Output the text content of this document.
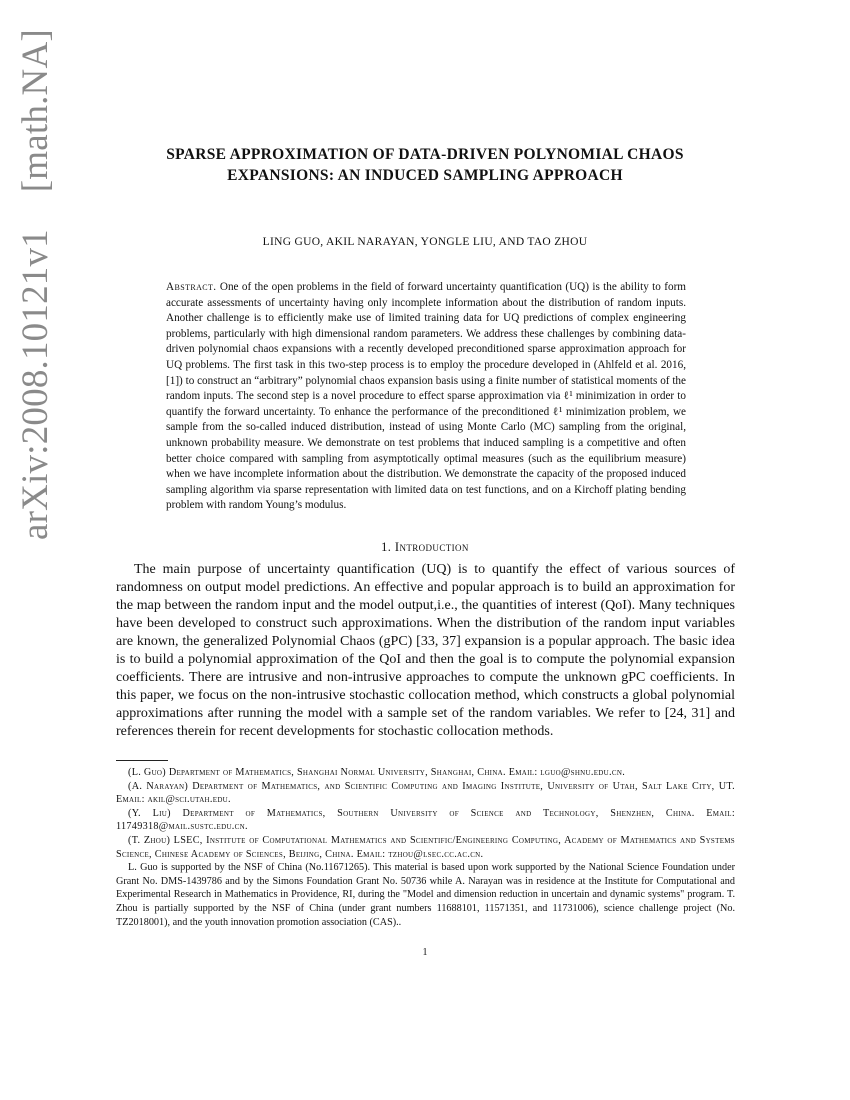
arXiv:2008.10121v1  [math.NA]	SPARSE APPROXIMATION OF DATA-DRIVEN POLYNOMIAL CHAOS
EXPANSIONS: AN INDUCED SAMPLING APPROACH
LING GUO, AKIL NARAYAN, YONGLE LIU, AND TAO ZHOU
Abstract. One of the open problems in the field of forward uncertainty quantification (UQ) is the ability to form accurate assessments of uncertainty having only incomplete information about the distribution of random inputs. Another challenge is to efficiently make use of limited training data for UQ predictions of complex engineering problems, particularly with high dimensional random parameters. We address these challenges by combining data-driven polynomial chaos expansions with a recently developed preconditioned sparse approximation approach for UQ problems. The first task in this two-step process is to employ the procedure developed in (Ahlfeld et al. 2016, [1]) to construct an “arbitrary” polynomial chaos expansion basis using a finite number of statistical moments of the random inputs. The second step is a novel procedure to effect sparse approximation via ℓ¹ minimization in order to quantify the forward uncertainty. To enhance the performance of the preconditioned ℓ¹ minimization problem, we sample from the so-called induced distribution, instead of using Monte Carlo (MC) sampling from the original, unknown probability measure. We demonstrate on test problems that induced sampling is a competitive and often better choice compared with sampling from asymptotically optimal measures (such as the equilibrium measure) when we have incomplete information about the distribution. We demonstrate the capacity of the proposed induced sampling algorithm via sparse representation with limited data on test functions, and on a Kirchoff plating bending problem with random Young’s modulus.
1. Introduction
The main purpose of uncertainty quantification (UQ) is to quantify the effect of various sources of randomness on output model predictions. An effective and popular approach is to build an approximation for the map between the random input and the model output,i.e., the quantities of interest (QoI). Many techniques have been developed to construct such approximations. When the distribution of the random input variables are known, the generalized Polynomial Chaos (gPC) [33, 37] expansion is a popular approach. The basic idea is to build a polynomial approximation of the QoI and then the goal is to compute the polynomial expansion coefficients. There are intrusive and non-intrusive approaches to compute the unknown gPC coefficients. In this paper, we focus on the non-intrusive stochastic collocation method, which constructs a global polynomial approximations after running the model with a sample set of the random variables. We refer to [24, 31] and references therein for recent developments for stochastic collocation methods.

(L. Guo) Department of Mathematics, Shanghai Normal University, Shanghai, China. Email: lguo@shnu.edu.cn.

(A. Narayan) Department of Mathematics, and Scientific Computing and Imaging Institute, University of Utah, Salt Lake City, UT. Email: akil@sci.utah.edu.

(Y. Liu) Department of Mathematics, Southern University of Science and Technology, Shenzhen, China. Email: 11749318@mail.sustc.edu.cn.

(T. Zhou) LSEC, Institute of Computational Mathematics and Scientific/Engineering Computing, Academy of Mathematics and Systems Science, Chinese Academy of Sciences, Beijing, China. Email: tzhou@lsec.cc.ac.cn.

L. Guo is supported by the NSF of China (No.11671265). This material is based upon work supported by the National Science Foundation under Grant No. DMS-1439786 and by the Simons Foundation Grant No. 50736 while A. Narayan was in residence at the Institute for Computational and Experimental Research in Mathematics in Providence, RI, during the "Model and dimension reduction in uncertain and dynamic systems" program. T. Zhou is partially supported by the NSF of China (under grant numbers 11688101, 11571351, and 11731006), science challenge project (No. TZ2018001), and the youth innovation promotion association (CAS)..

1
